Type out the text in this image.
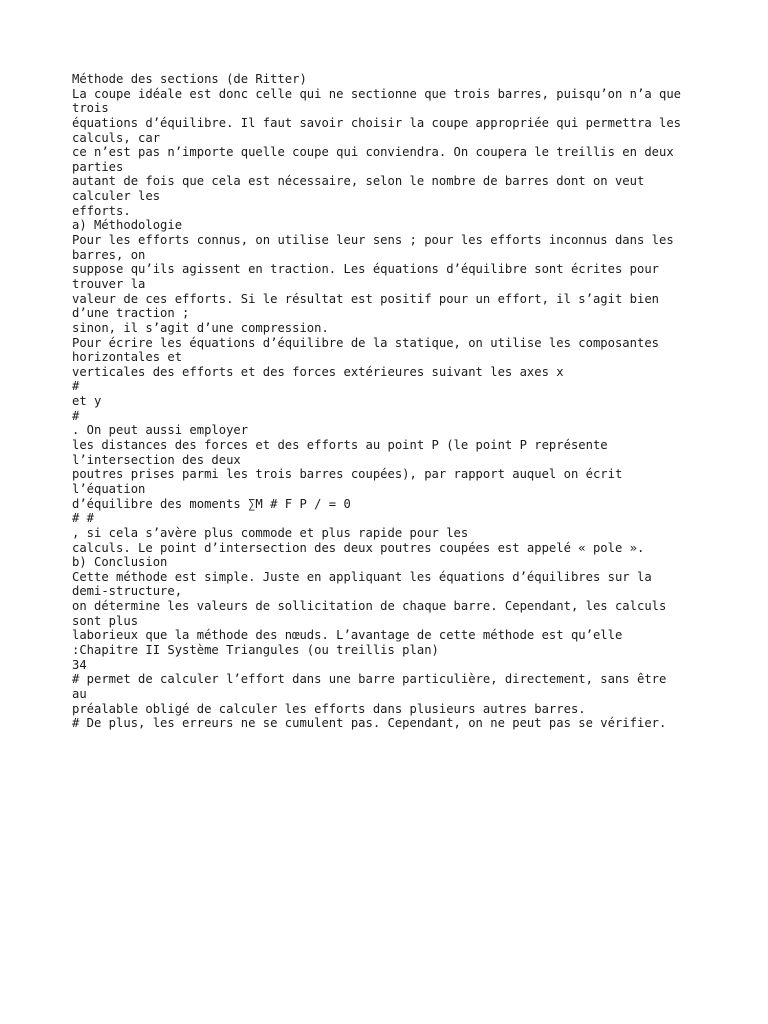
Méthode des sections (de Ritter)
La coupe idéale est donc celle qui ne sectionne que trois barres, puisqu’on n’a que
trois
équations d’équilibre. Il faut savoir choisir la coupe appropriée qui permettra les
calculs, car
ce n’est pas n’importe quelle coupe qui conviendra. On coupera le treillis en deux
parties
autant de fois que cela est nécessaire, selon le nombre de barres dont on veut
calculer les
efforts.
a) Méthodologie
Pour les efforts connus, on utilise leur sens ; pour les efforts inconnus dans les
barres, on
suppose qu’ils agissent en traction. Les équations d’équilibre sont écrites pour
trouver la
valeur de ces efforts. Si le résultat est positif pour un effort, il s’agit bien
d’une traction ;
sinon, il s’agit d’une compression.
Pour écrire les équations d’équilibre de la statique, on utilise les composantes
horizontales et
verticales des efforts et des forces extérieures suivant les axes x
#
et y
#
. On peut aussi employer
les distances des forces et des efforts au point P (le point P représente
l’intersection des deux
poutres prises parmi les trois barres coupées), par rapport auquel on écrit
l’équation
d’équilibre des moments ∑M # F P / = 0
# #
, si cela s’avère plus commode et plus rapide pour les
calculs. Le point d’intersection des deux poutres coupées est appelé « pole ».
b) Conclusion
Cette méthode est simple. Juste en appliquant les équations d’équilibres sur la
demi-structure,
on détermine les valeurs de sollicitation de chaque barre. Cependant, les calculs
sont plus
laborieux que la méthode des nœuds. L’avantage de cette méthode est qu’elle
:Chapitre II Système Triangules (ou treillis plan)
34
# permet de calculer l’effort dans une barre particulière, directement, sans être
au
préalable obligé de calculer les efforts dans plusieurs autres barres.
# De plus, les erreurs ne se cumulent pas. Cependant, on ne peut pas se vérifier.
